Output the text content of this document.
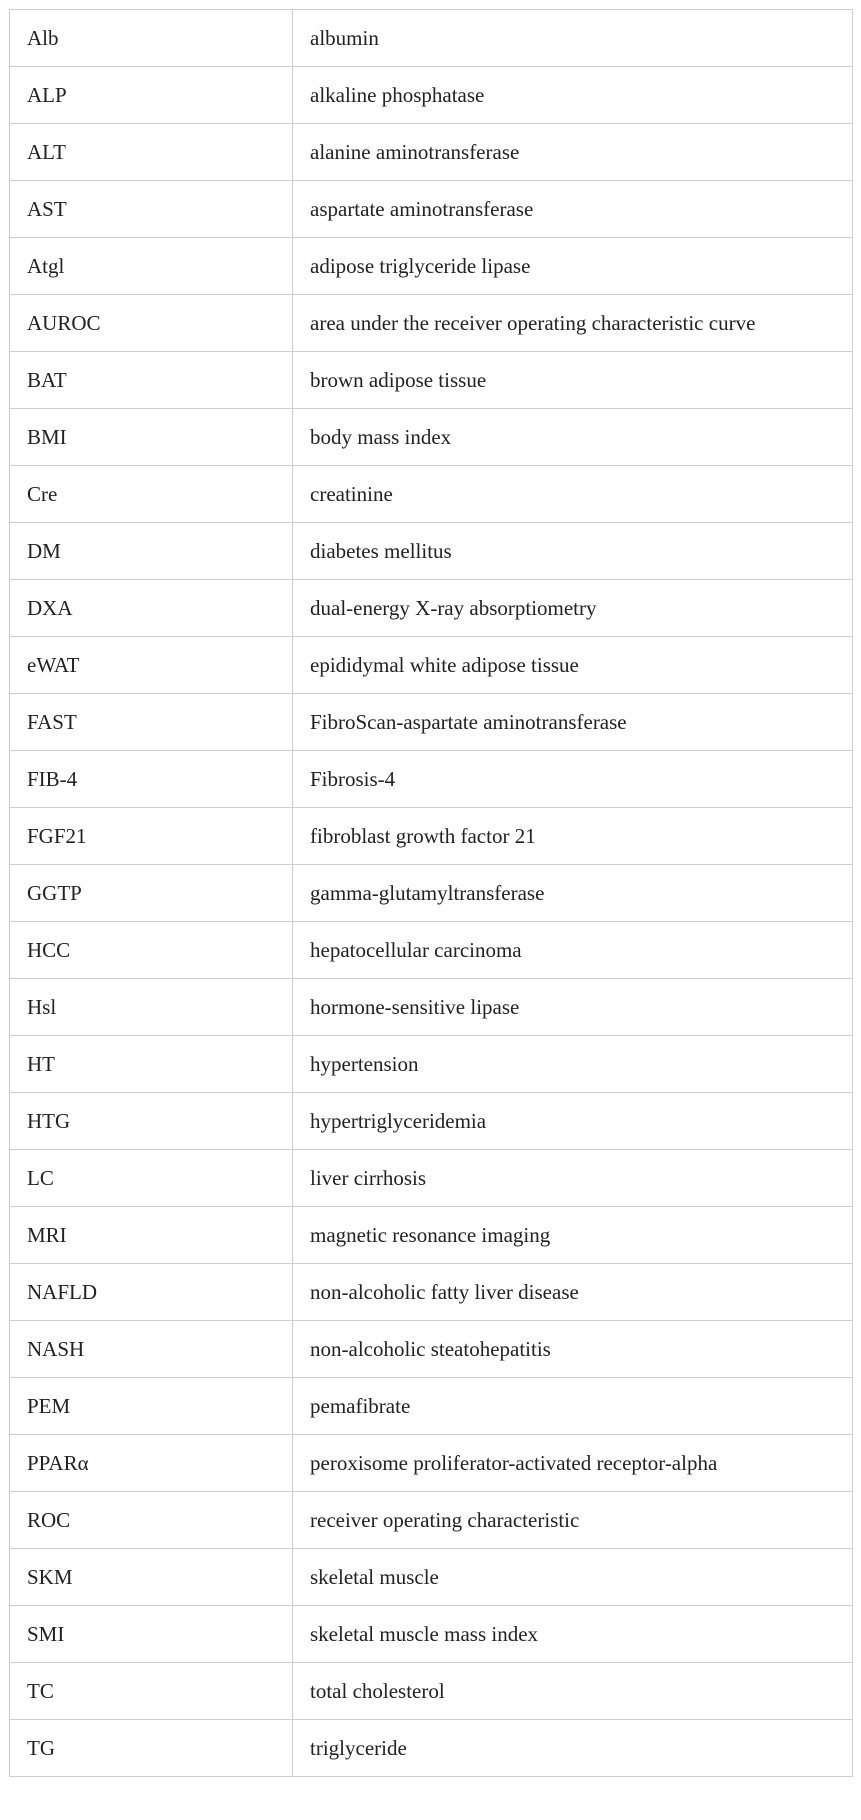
Alb	albumin
ALP	alkaline phosphatase
ALT	alanine aminotransferase
AST	aspartate aminotransferase
Atgl	adipose triglyceride lipase
AUROC	area under the receiver operating characteristic curve
BAT	brown adipose tissue
BMI	body mass index
Cre	creatinine
DM	diabetes mellitus
DXA	dual-energy X-ray absorptiometry
eWAT	epididymal white adipose tissue
FAST	FibroScan-aspartate aminotransferase
FIB-4	Fibrosis-4
FGF21	fibroblast growth factor 21
GGTP	gamma-glutamyltransferase
HCC	hepatocellular carcinoma
Hsl	hormone-sensitive lipase
HT	hypertension
HTG	hypertriglyceridemia
LC	liver cirrhosis
MRI	magnetic resonance imaging
NAFLD	non-alcoholic fatty liver disease
NASH	non-alcoholic steatohepatitis
PEM	pemafibrate
PPARα	peroxisome proliferator-activated receptor-alpha
ROC	receiver operating characteristic
SKM	skeletal muscle
SMI	skeletal muscle mass index
TC	total cholesterol
TG	triglyceride
